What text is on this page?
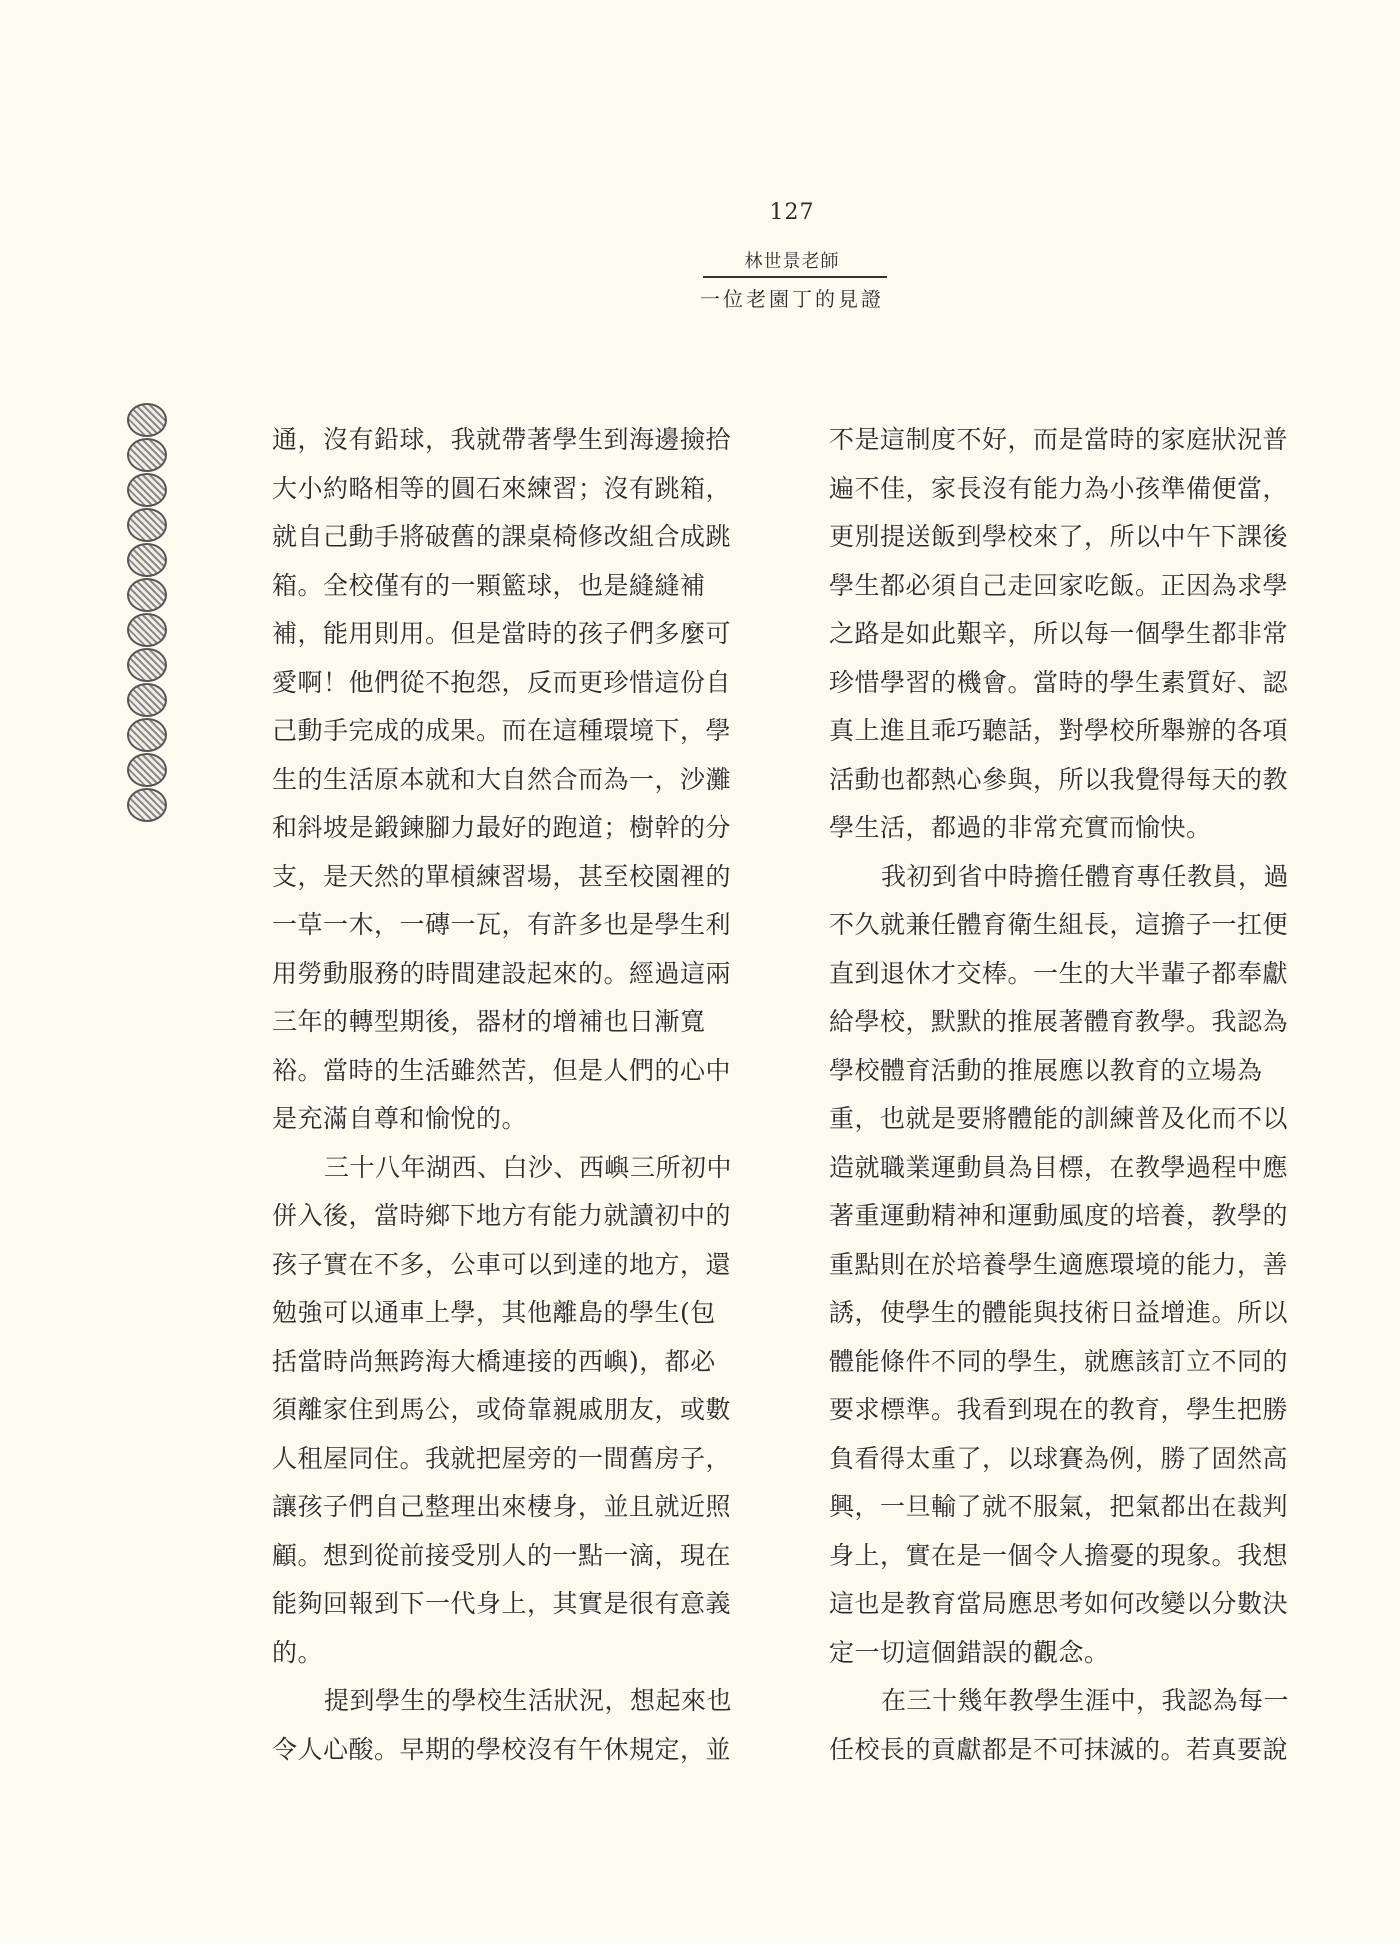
127
林世景老師
一位老園丁的見證

通，沒有鉛球，我就帶著學生到海邊撿拾
大小約略相等的圓石來練習；沒有跳箱，
就自己動手將破舊的課桌椅修改組合成跳
箱。全校僅有的一顆籃球，也是縫縫補
補，能用則用。但是當時的孩子們多麼可
愛啊！他們從不抱怨，反而更珍惜這份自
己動手完成的成果。而在這種環境下，學
生的生活原本就和大自然合而為一，沙灘
和斜坡是鍛鍊腳力最好的跑道；樹幹的分
支，是天然的單槓練習場，甚至校園裡的
一草一木，一磚一瓦，有許多也是學生利
用勞動服務的時間建設起來的。經過這兩
三年的轉型期後，器材的增補也日漸寬
裕。當時的生活雖然苦，但是人們的心中
是充滿自尊和愉悅的。

三十八年湖西、白沙、西嶼三所初中
併入後，當時鄉下地方有能力就讀初中的
孩子實在不多，公車可以到達的地方，還
勉強可以通車上學，其他離島的學生(包
括當時尚無跨海大橋連接的西嶼)，都必
須離家住到馬公，或倚靠親戚朋友，或數
人租屋同住。我就把屋旁的一間舊房子，
讓孩子們自己整理出來棲身，並且就近照
顧。想到從前接受別人的一點一滴，現在
能夠回報到下一代身上，其實是很有意義
的。

提到學生的學校生活狀況，想起來也
令人心酸。早期的學校沒有午休規定，並

不是這制度不好，而是當時的家庭狀況普
遍不佳，家長沒有能力為小孩準備便當，
更別提送飯到學校來了，所以中午下課後
學生都必須自己走回家吃飯。正因為求學
之路是如此艱辛，所以每一個學生都非常
珍惜學習的機會。當時的學生素質好、認
真上進且乖巧聽話，對學校所舉辦的各項
活動也都熱心參與，所以我覺得每天的教
學生活，都過的非常充實而愉快。

我初到省中時擔任體育專任教員，過
不久就兼任體育衛生組長，這擔子一扛便
直到退休才交棒。一生的大半輩子都奉獻
給學校，默默的推展著體育教學。我認為
學校體育活動的推展應以教育的立場為
重，也就是要將體能的訓練普及化而不以
造就職業運動員為目標，在教學過程中應
著重運動精神和運動風度的培養，教學的
重點則在於培養學生適應環境的能力，善
誘，使學生的體能與技術日益增進。所以
體能條件不同的學生，就應該訂立不同的
要求標準。我看到現在的教育，學生把勝
負看得太重了，以球賽為例，勝了固然高
興，一旦輸了就不服氣，把氣都出在裁判
身上，實在是一個令人擔憂的現象。我想
這也是教育當局應思考如何改變以分數決
定一切這個錯誤的觀念。

在三十幾年教學生涯中，我認為每一
任校長的貢獻都是不可抹滅的。若真要說
